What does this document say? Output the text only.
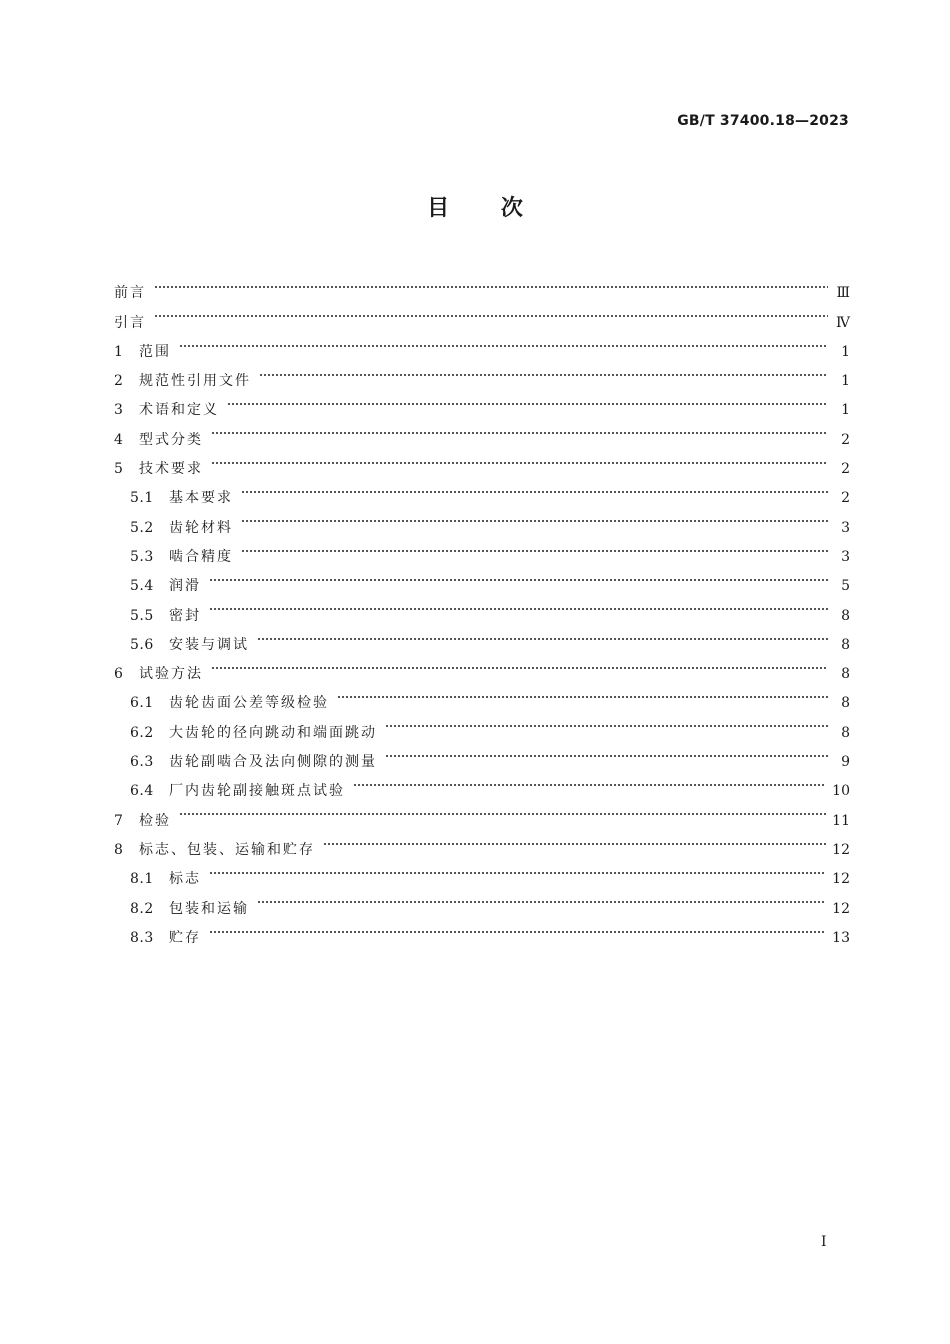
GB/T 37400.18—2023
目 次
前言	Ⅲ
引言	Ⅳ
1	范围	1
2	规范性引用文件	1
3	术语和定义	1
4	型式分类	2
5	技术要求	2
5.1	基本要求	2
5.2	齿轮材料	3
5.3	啮合精度	3
5.4	润滑	5
5.5	密封	8
5.6	安装与调试	8
6	试验方法	8
6.1	齿轮齿面公差等级检验	8
6.2	大齿轮的径向跳动和端面跳动	8
6.3	齿轮副啮合及法向侧隙的测量	9
6.4	厂内齿轮副接触斑点试验	10
7	检验	11
8	标志、包装、运输和贮存	12
8.1	标志	12
8.2	包装和运输	12
8.3	贮存	13
Ⅰ
